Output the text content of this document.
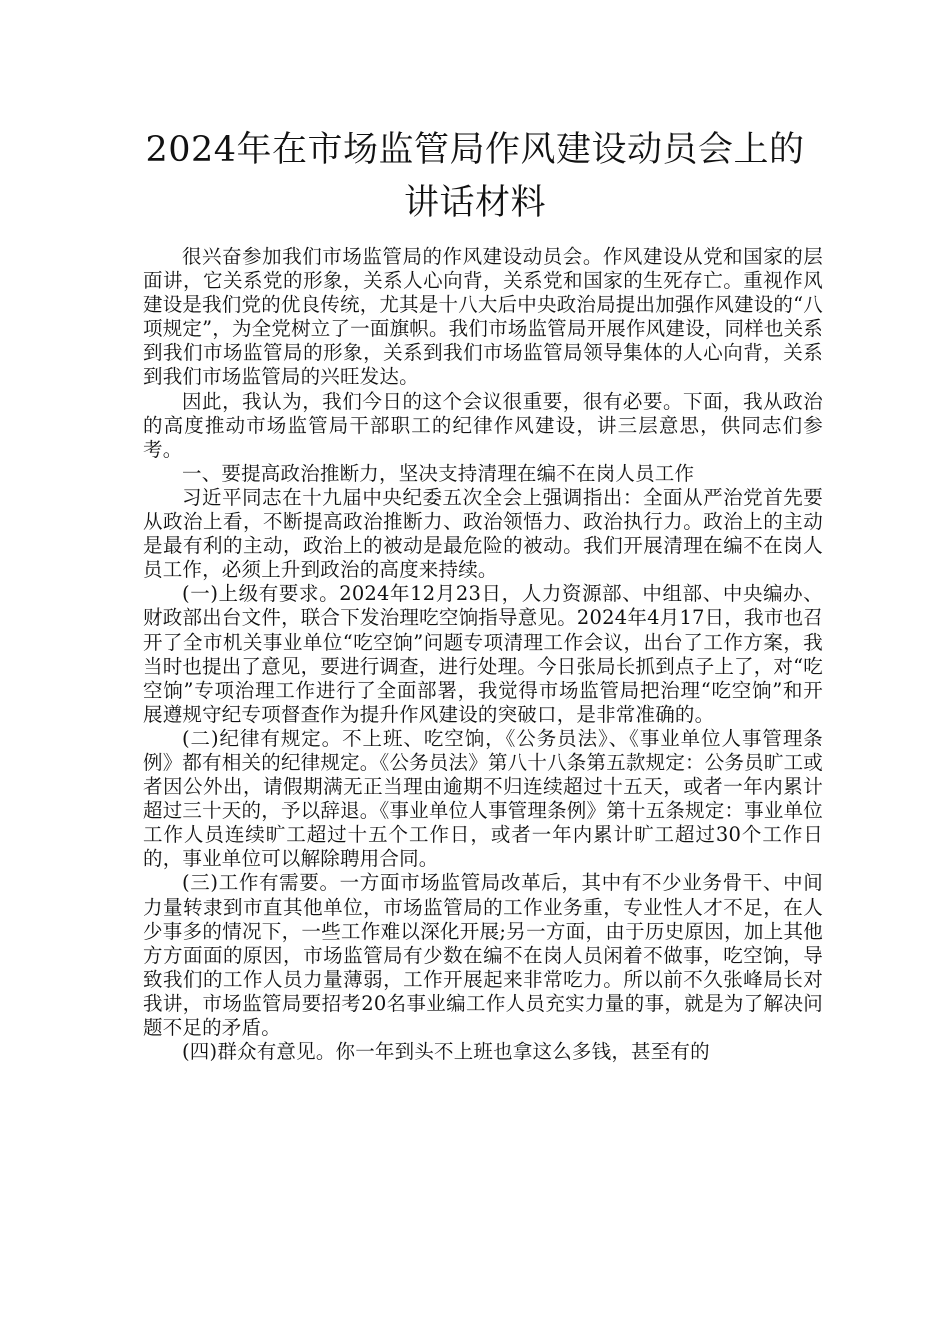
2024年在市场监管局作风建设动员会上的
讲话材料

很兴奋参加我们市场监管局的作风建设动员会。作风建设从党和国家的层面讲，它关系党的形象，关系人心向背，关系党和国家的生死存亡。重视作风建设是我们党的优良传统，尤其是十八大后中央政治局提出加强作风建设的“八项规定”，为全党树立了一面旗帜。我们市场监管局开展作风建设，同样也关系到我们市场监管局的形象，关系到我们市场监管局领导集体的人心向背，关系到我们市场监管局的兴旺发达。

因此，我认为，我们今日的这个会议很重要，很有必要。下面，我从政治的高度推动市场监管局干部职工的纪律作风建设，讲三层意思，供同志们参考。

一、要提高政治推断力，坚决支持清理在编不在岗人员工作

习近平同志在十九届中央纪委五次全会上强调指出：全面从严治党首先要从政治上看，不断提高政治推断力、政治领悟力、政治执行力。政治上的主动是最有利的主动，政治上的被动是最危险的被动。我们开展清理在编不在岗人员工作，必须上升到政治的高度来持续。

(一)上级有要求。2024年12月23日，人力资源部、中组部、中央编办、财政部出台文件，联合下发治理吃空饷指导意见。2024年4月17日，我市也召开了全市机关事业单位“吃空饷”问题专项清理工作会议，出台了工作方案，我当时也提出了意见，要进行调查，进行处理。今日张局长抓到点子上了，对“吃空饷”专项治理工作进行了全面部署，我觉得市场监管局把治理“吃空饷”和开展遵规守纪专项督查作为提升作风建设的突破口，是非常准确的。

(二)纪律有规定。不上班、吃空饷，《公务员法》、《事业单位人事管理条例》都有相关的纪律规定。《公务员法》第八十八条第五款规定：公务员旷工或者因公外出，请假期满无正当理由逾期不归连续超过十五天，或者一年内累计超过三十天的，予以辞退。《事业单位人事管理条例》第十五条规定：事业单位工作人员连续旷工超过十五个工作日，或者一年内累计旷工超过30个工作日的，事业单位可以解除聘用合同。

(三)工作有需要。一方面市场监管局改革后，其中有不少业务骨干、中间力量转隶到市直其他单位，市场监管局的工作业务重，专业性人才不足，在人少事多的情况下，一些工作难以深化开展;另一方面，由于历史原因，加上其他方方面面的原因，市场监管局有少数在编不在岗人员闲着不做事，吃空饷，导致我们的工作人员力量薄弱，工作开展起来非常吃力。所以前不久张峰局长对我讲，市场监管局要招考20名事业编工作人员充实力量的事，就是为了解决问题不足的矛盾。

(四)群众有意见。你一年到头不上班也拿这么多钱，甚至有的
